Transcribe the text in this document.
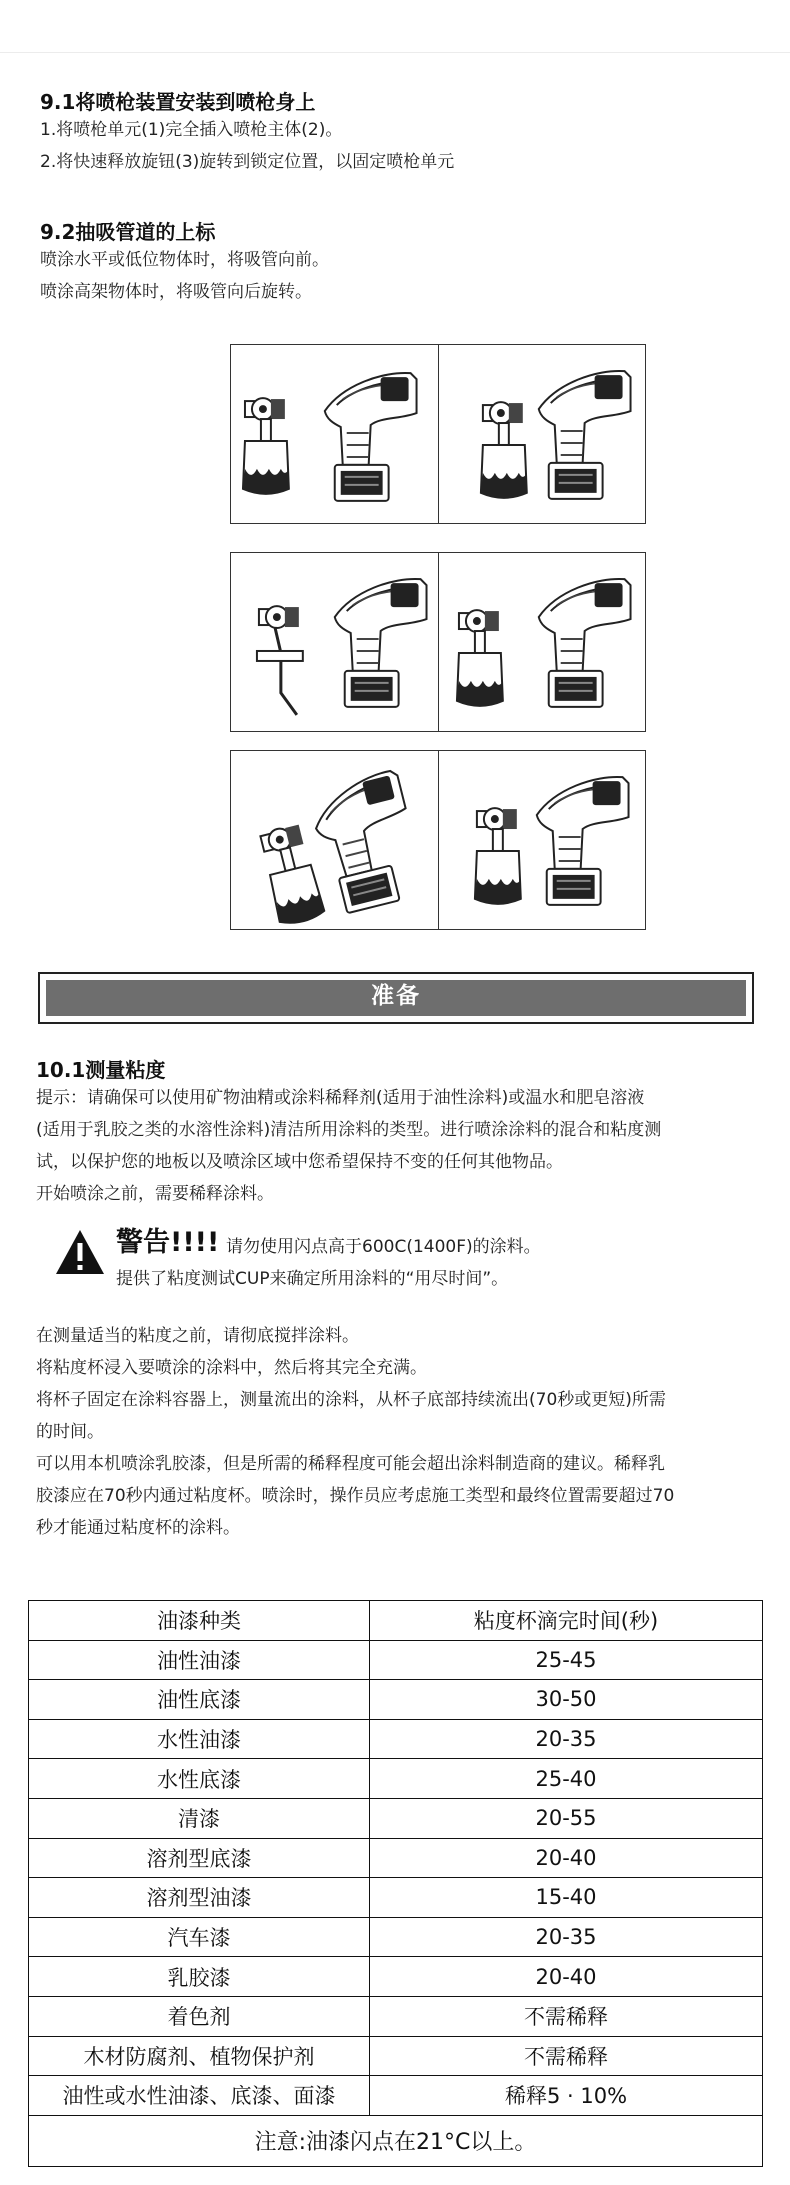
9.1将喷枪装置安装到喷枪身上
1.将喷枪单元(1)完全插入喷枪主体(2)。
2.将快速释放旋钮(3)旋转到锁定位置，以固定喷枪单元
9.2抽吸管道的上标
喷涂水平或低位物体时，将吸管向前。
喷涂高架物体时，将吸管向后旋转。
准备
10.1测量粘度
提示：请确保可以使用矿物油精或涂料稀释剂(适用于油性涂料)或温水和肥皂溶液
(适用于乳胶之类的水溶性涂料)清洁所用涂料的类型。进行喷涂涂料的混合和粘度测
试，以保护您的地板以及喷涂区域中您希望保持不变的任何其他物品。
开始喷涂之前，需要稀释涂料。
警告!!!! 请勿使用闪点高于600C(1400F)的涂料。
提供了粘度测试CUP来确定所用涂料的“用尽时间”。
在测量适当的粘度之前，请彻底搅拌涂料。
将粘度杯浸入要喷涂的涂料中，然后将其完全充满。
将杯子固定在涂料容器上，测量流出的涂料，从杯子底部持续流出(70秒或更短)所需
的时间。
可以用本机喷涂乳胶漆，但是所需的稀释程度可能会超出涂料制造商的建议。稀释乳
胶漆应在70秒内通过粘度杯。喷涂时，操作员应考虑施工类型和最终位置需要超过70
秒才能通过粘度杯的涂料。
油漆种类	粘度杯滴完时间(秒)
油性油漆	25-45
油性底漆	30-50
水性油漆	20-35
水性底漆	25-40
清漆	20-55
溶剂型底漆	20-40
溶剂型油漆	15-40
汽车漆	20-35
乳胶漆	20-40
着色剂	不需稀释
木材防腐剂、植物保护剂	不需稀释
油性或水性油漆、底漆、面漆	稀释5 · 10%
注意:油漆闪点在21°C以上。	
